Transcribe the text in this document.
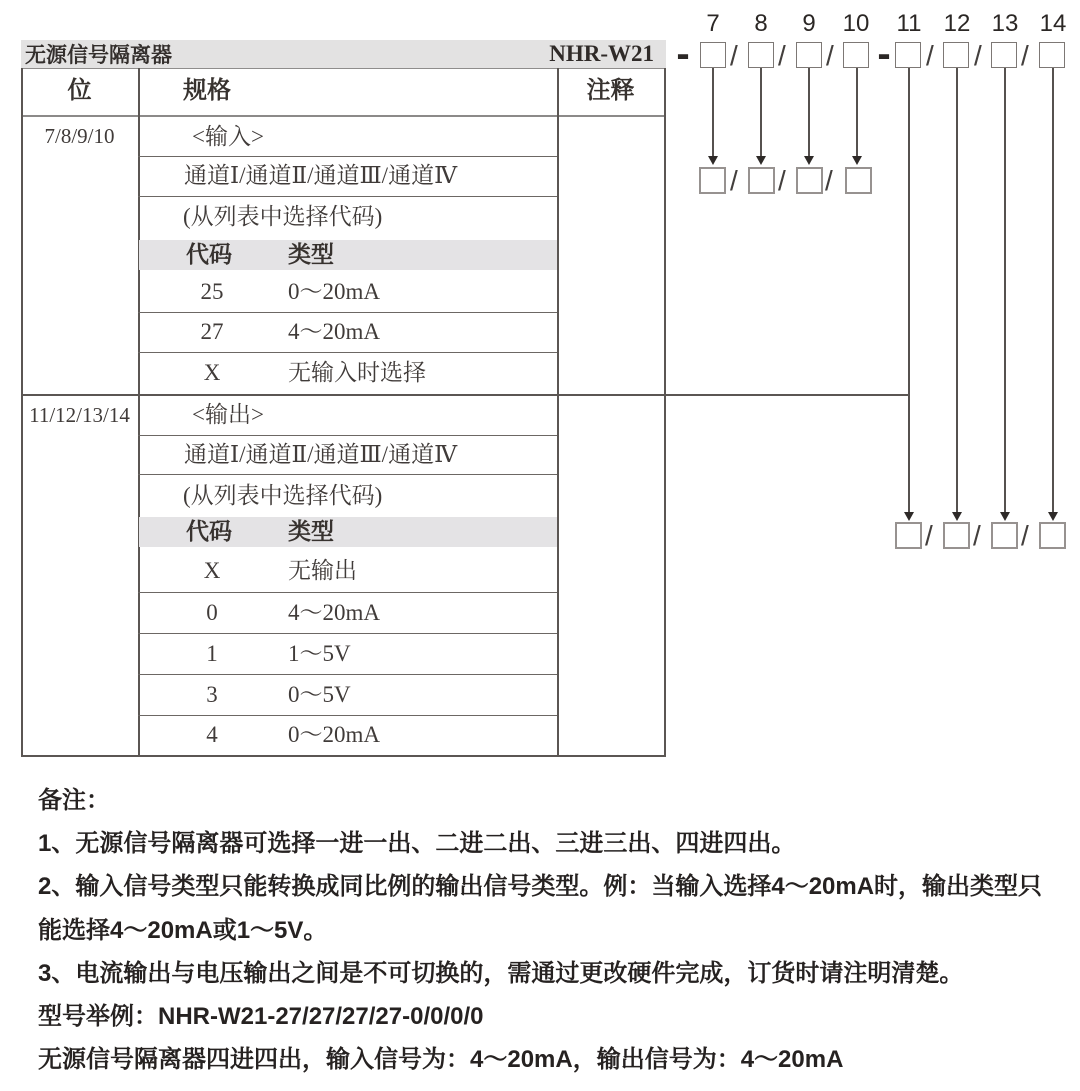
无源信号隔离器	NHR-W21
位	规格	注释
7/8/9/10	<输入>
通道Ⅰ/通道Ⅱ/通道Ⅲ/通道Ⅳ
(从列表中选择代码)
代码 类型
25	0～20mA
27	4～20mA
X	无输入时选择
11/12/13/14	<输出>
通道Ⅰ/通道Ⅱ/通道Ⅲ/通道Ⅳ
(从列表中选择代码)
代码 类型
X	无输出
0	4～20mA
1	1～5V
3	0～5V
4	0～20mA
7	8	9	10	11 12 13 14
-	-
/ / /	/ / /
/ / /
/ / /
备注：
1、无源信号隔离器可选择一进一出、二进二出、三进三出、四进四出。
2、输入信号类型只能转换成同比例的输出信号类型。例：当输入选择4～20mA时，输出类型只
能选择4～20mA或1～5V。
3、电流输出与电压输出之间是不可切换的，需通过更改硬件完成，订货时请注明清楚。
型号举例：NHR-W21-27/27/27/27-0/0/0/0
无源信号隔离器四进四出，输入信号为：4～20mA，输出信号为：4～20mA
